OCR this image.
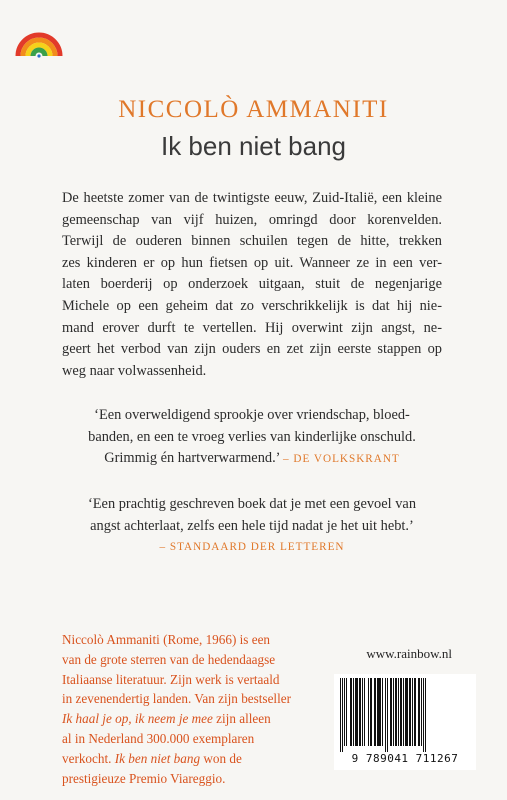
NICCOLÒ AMMANITI
Ik ben niet bang
De heetste zomer van de twintigste eeuw, Zuid-Italië, een kleine
gemeenschap van vijf huizen, omringd door korenvelden.
Terwijl de ouderen binnen schuilen tegen de hitte, trekken
zes kinderen er op hun fietsen op uit. Wanneer ze in een ver-
laten boerderij op onderzoek uitgaan, stuit de negenjarige
Michele op een geheim dat zo verschrikkelijk is dat hij nie-
mand erover durft te vertellen. Hij overwint zijn angst, ne-
geert het verbod van zijn ouders en zet zijn eerste stappen op
weg naar volwassenheid.
‘Een overweldigend sprookje over vriendschap, bloed-
banden, en een te vroeg verlies van kinderlijke onschuld.
Grimmig én hartverwarmend.’ – DE VOLKSKRANT
‘Een prachtig geschreven boek dat je met een gevoel van
angst achterlaat, zelfs een hele tijd nadat je het uit hebt.’
– STANDAARD DER LETTEREN
Niccolò Ammaniti (Rome, 1966) is een
van de grote sterren van de hedendaagse
Italiaanse literatuur. Zijn werk is vertaald
in zevenendertig landen. Van zijn bestseller
Ik haal je op, ik neem je mee zijn alleen
al in Nederland 300.000 exemplaren
verkocht. Ik ben niet bang won de
prestigieuze Premio Viareggio.
www.rainbow.nl
9 789041 711267
